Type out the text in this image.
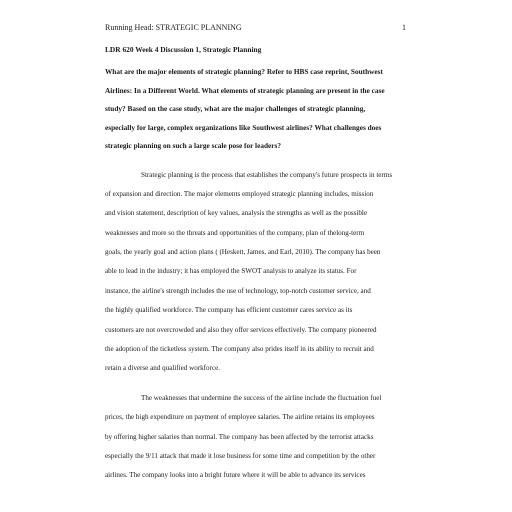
Running Head: STRATEGIC PLANNING	1

LDR 620 Week 4 Discussion 1, Strategic Planning

What are the major elements of strategic planning? Refer to HBS case reprint, Southwest
Airlines: In a Different World. What elements of strategic planning are present in the case
study? Based on the case study, what are the major challenges of strategic planning,
especially for large, complex organizations like Southwest airlines? What challenges does
strategic planning on such a large scale pose for leaders?

Strategic planning is the process that establishes the company's future prospects in terms
of expansion and direction. The major elements employed strategic planning includes, mission
and vision statement, description of key values, analysis the strengths as well as the possible
weaknesses and more so the threats and opportunities of the company, plan of thelong-term
goals, the yearly goal and action plans ( (Heskett, James, and Earl, 2010). The company has been
able to lead in the industry; it has employed the SWOT analysis to analyze its status. For
instance, the airline's strength includes the use of technology, top-notch customer service, and
the highly qualified workforce. The company has efficient customer cares service as its
customers are not overcrowded and also they offer services effectively. The company pioneered
the adoption of the ticketless system. The company also prides itself in its ability to recruit and
retain a diverse and qualified workforce.

The weaknesses that undermine the success of the airline include the fluctuation fuel
prices, the high expenditure on payment of employee salaries. The airline retains its employees
by offering higher salaries than normal. The company has been affected by the terrorist attacks
especially the 9/11 attack that made it lose business for some time and competition by the other
airlines. The company looks into a bright future where it will be able to advance its services
